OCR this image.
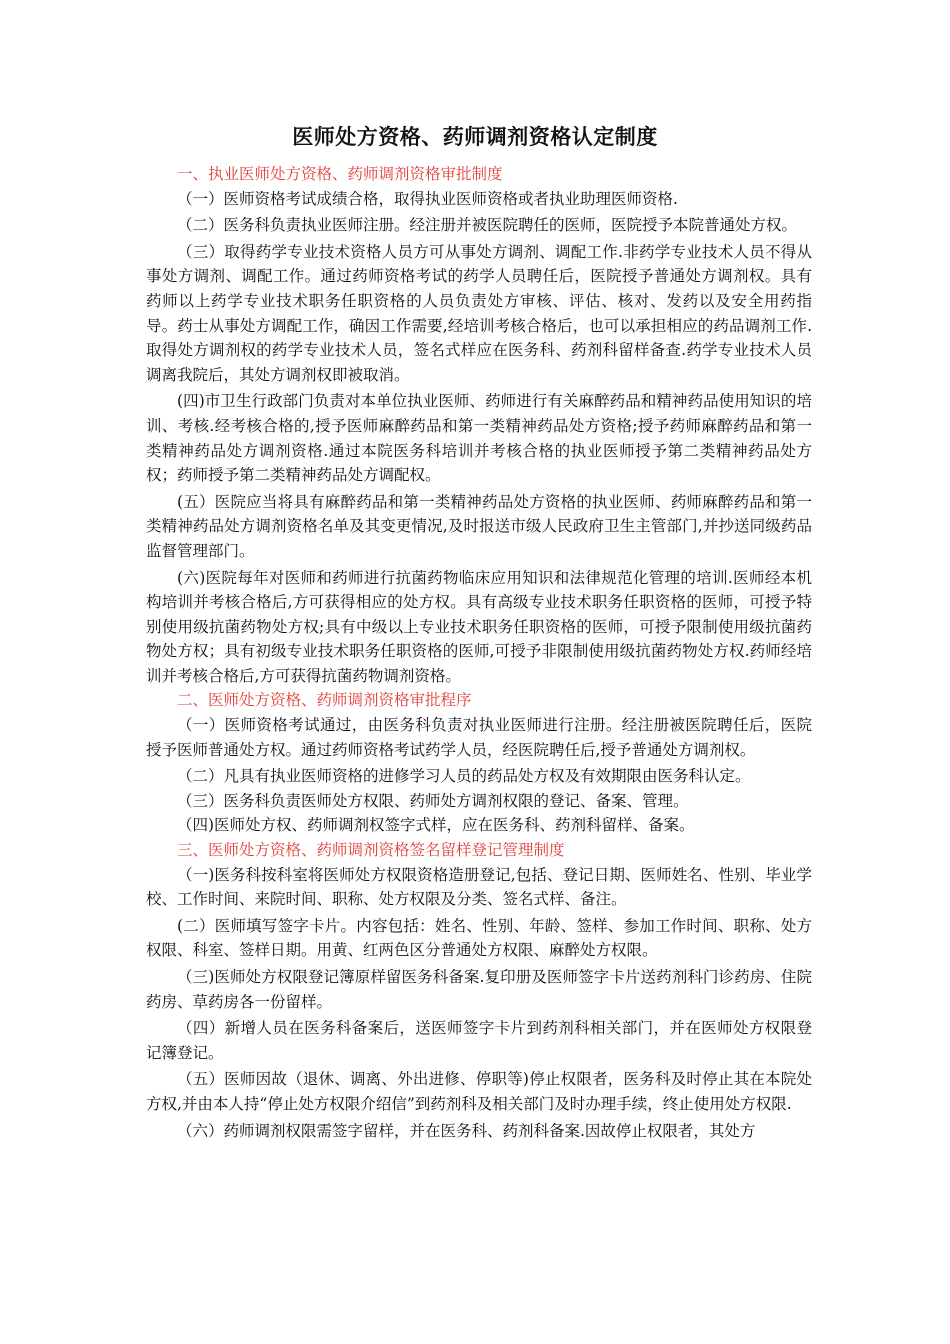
医师处方资格、药师调剂资格认定制度

一、执业医师处方资格、药师调剂资格审批制度

（一）医师资格考试成绩合格，取得执业医师资格或者执业助理医师资格.

（二）医务科负责执业医师注册。经注册并被医院聘任的医师，医院授予本院普通处方权。

（三）取得药学专业技术资格人员方可从事处方调剂、调配工作.非药学专业技术人员不得从事处方调剂、调配工作。通过药师资格考试的药学人员聘任后，医院授予普通处方调剂权。具有药师以上药学专业技术职务任职资格的人员负责处方审核、评估、核对、发药以及安全用药指导。药士从事处方调配工作，确因工作需要,经培训考核合格后，也可以承担相应的药品调剂工作.取得处方调剂权的药学专业技术人员，签名式样应在医务科、药剂科留样备查.药学专业技术人员调离我院后，其处方调剂权即被取消。

(四)市卫生行政部门负责对本单位执业医师、药师进行有关麻醉药品和精神药品使用知识的培训、考核.经考核合格的,授予医师麻醉药品和第一类精神药品处方资格;授予药师麻醉药品和第一类精神药品处方调剂资格.通过本院医务科培训并考核合格的执业医师授予第二类精神药品处方权；药师授予第二类精神药品处方调配权。

(五）医院应当将具有麻醉药品和第一类精神药品处方资格的执业医师、药师麻醉药品和第一类精神药品处方调剂资格名单及其变更情况,及时报送市级人民政府卫生主管部门,并抄送同级药品监督管理部门。

(六)医院每年对医师和药师进行抗菌药物临床应用知识和法律规范化管理的培训.医师经本机构培训并考核合格后,方可获得相应的处方权。具有高级专业技术职务任职资格的医师，可授予特别使用级抗菌药物处方权;具有中级以上专业技术职务任职资格的医师，可授予限制使用级抗菌药物处方权；具有初级专业技术职务任职资格的医师,可授予非限制使用级抗菌药物处方权.药师经培训并考核合格后,方可获得抗菌药物调剂资格。

二、医师处方资格、药师调剂资格审批程序

（一）医师资格考试通过，由医务科负责对执业医师进行注册。经注册被医院聘任后，医院授予医师普通处方权。通过药师资格考试药学人员，经医院聘任后,授予普通处方调剂权。

（二）凡具有执业医师资格的进修学习人员的药品处方权及有效期限由医务科认定。

（三）医务科负责医师处方权限、药师处方调剂权限的登记、备案、管理。

（四)医师处方权、药师调剂权签字式样，应在医务科、药剂科留样、备案。

三、医师处方资格、药师调剂资格签名留样登记管理制度

（一)医务科按科室将医师处方权限资格造册登记,包括、登记日期、医师姓名、性别、毕业学校、工作时间、来院时间、职称、处方权限及分类、签名式样、备注。

(二）医师填写签字卡片。内容包括：姓名、性别、年龄、签样、参加工作时间、职称、处方权限、科室、签样日期。用黄、红两色区分普通处方权限、麻醉处方权限。

（三)医师处方权限登记簿原样留医务科备案.复印册及医师签字卡片送药剂科门诊药房、住院药房、草药房各一份留样。

（四）新增人员在医务科备案后，送医师签字卡片到药剂科相关部门，并在医师处方权限登记簿登记。

（五）医师因故（退休、调离、外出进修、停职等)停止权限者，医务科及时停止其在本院处方权,并由本人持“停止处方权限介绍信”到药剂科及相关部门及时办理手续，终止使用处方权限.

（六）药师调剂权限需签字留样，并在医务科、药剂科备案.因故停止权限者，其处方
